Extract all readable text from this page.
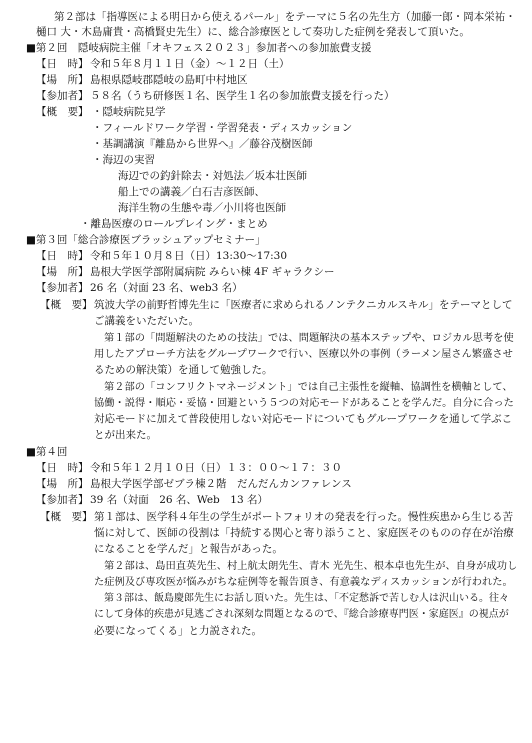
第２部は「指導医による明日から使えるパール」をテーマに５名の先生方（加藤一郎・岡本栄祐・
樋口 大・木島庸貴・高橋賢史先生）に、総合診療医として奏功した症例を発表して頂いた。
■第２回　隠岐病院主催「オキフェス２０２３」参加者への参加旅費支援
【日　時】 令和５年８月１１日（金）～１２日（土）
【場　所】 島根県隠岐郡隠岐の島町中村地区
【参加者】 ５８名（うち研修医１名、医学生１名の参加旅費支援を行った）
【概　要】 ・隠岐病院見学
・フィールドワーク学習・学習発表・ディスカッション
・基調講演『離島から世界へ』／藤谷茂樹医師
・海辺の実習
海辺での釣針除去・対処法／坂本壮医師
船上での講義／白石吉彦医師、
海洋生物の生態や毒／小川将也医師
・離島医療のロールプレイング・まとめ
■第３回「総合診療医ブラッシュアップセミナー」
【日　時】 令和５年１０月８日（日）13:30～17:30
【場　所】 島根大学医学部附属病院 みらい棟 4F ギャラクシー
【参加者】 26 名（対面 23 名、web3 名）
【概　要】 筑波大学の前野哲博先生に「医療者に求められるノンテクニカルスキル」をテーマとして
ご講義をいただいた。
第１部の「問題解決のための技法」では、問題解決の基本ステップや、ロジカル思考を使
用したアプローチ方法をグループワークで行い、医療以外の事例（ラーメン屋さん繁盛させ
るための解決策）を通して勉強した。
第２部の「コンフリクトマネージメント」では自己主張性を縦軸、協調性を横軸として、
協働・説得・順応・妥協・回避という５つの対応モードがあることを学んだ。自分に合った
対応モードに加えて普段使用しない対応モードについてもグループワークを通して学ぶこ
とが出来た。
■第４回
【日　時】 令和５年１２月１０日（日）１３：００～１７：３０
【場　所】 島根大学医学部ゼブラ棟２階　だんだんカンファレンス
【参加者】 39 名（対面　26 名、Web　13 名）
【概　要】 第１部は、医学科４年生の学生がポートフォリオの発表を行った。慢性疾患から生じる苦
悩に対して、医師の役割は「持続する関心と寄り添うこと、家庭医そのものの存在が治療
になることを学んだ」と報告があった。
第２部は、島田直英先生、村上航太朗先生、青木 光先生、根本卓也先生が、自身が成功し
た症例及び専攻医が悩みがちな症例等を報告頂き、有意義なディスカッションが行われた。
第３部は、飯島慶郎先生にお話し頂いた。先生は、「不定愁訴で苦しむ人は沢山いる。往々
にして身体的疾患が見逃ごされ深刻な問題となるので、『総合診療専門医・家庭医』の視点が
必要になってくる」と力説された。
